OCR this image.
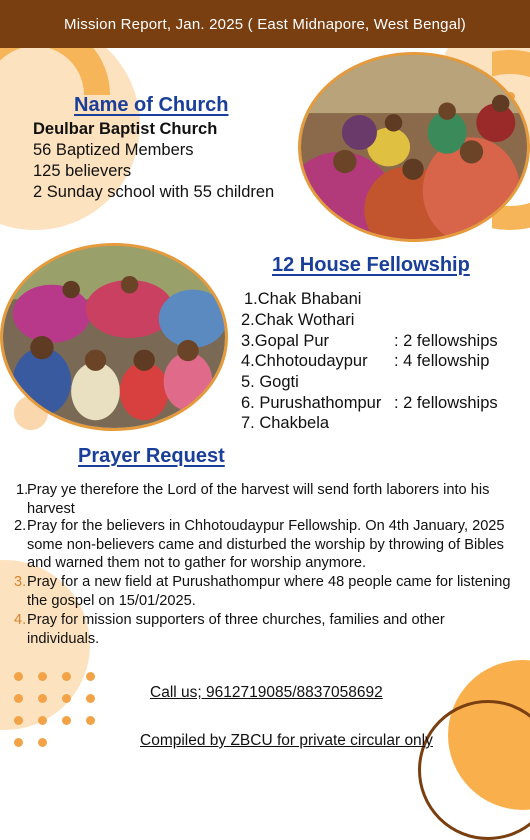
Mission Report, Jan. 2025 ( East Midnapore, West Bengal)
Name of Church
Deulbar Baptist Church
56 Baptized Members
125 believers
2 Sunday school with 55 children
12 House Fellowship
1.Chak Bhabani
2.Chak Wothari
3.Gopal Pur	: 2 fellowships
4.Chhotoudaypur : 4 fellowship
5. Gogti
6. Purushathompur : 2 fellowships
7. Chakbela
Prayer Request
1.
Pray ye therefore the Lord of the harvest will send forth laborers into his harvest
2. Pray for the believers in Chhotoudaypur Fellowship. On 4th January, 2025 some non-believers came and disturbed the worship by throwing of Bibles and warned them not to gather for worship anymore.
3. Pray for a new field at Purushathompur where 48 people came for listening the gospel on 15/01/2025.
4. Pray for mission supporters of three churches, families and other individuals.
Call us; 9612719085/8837058692
Compiled by ZBCU for private circular only
